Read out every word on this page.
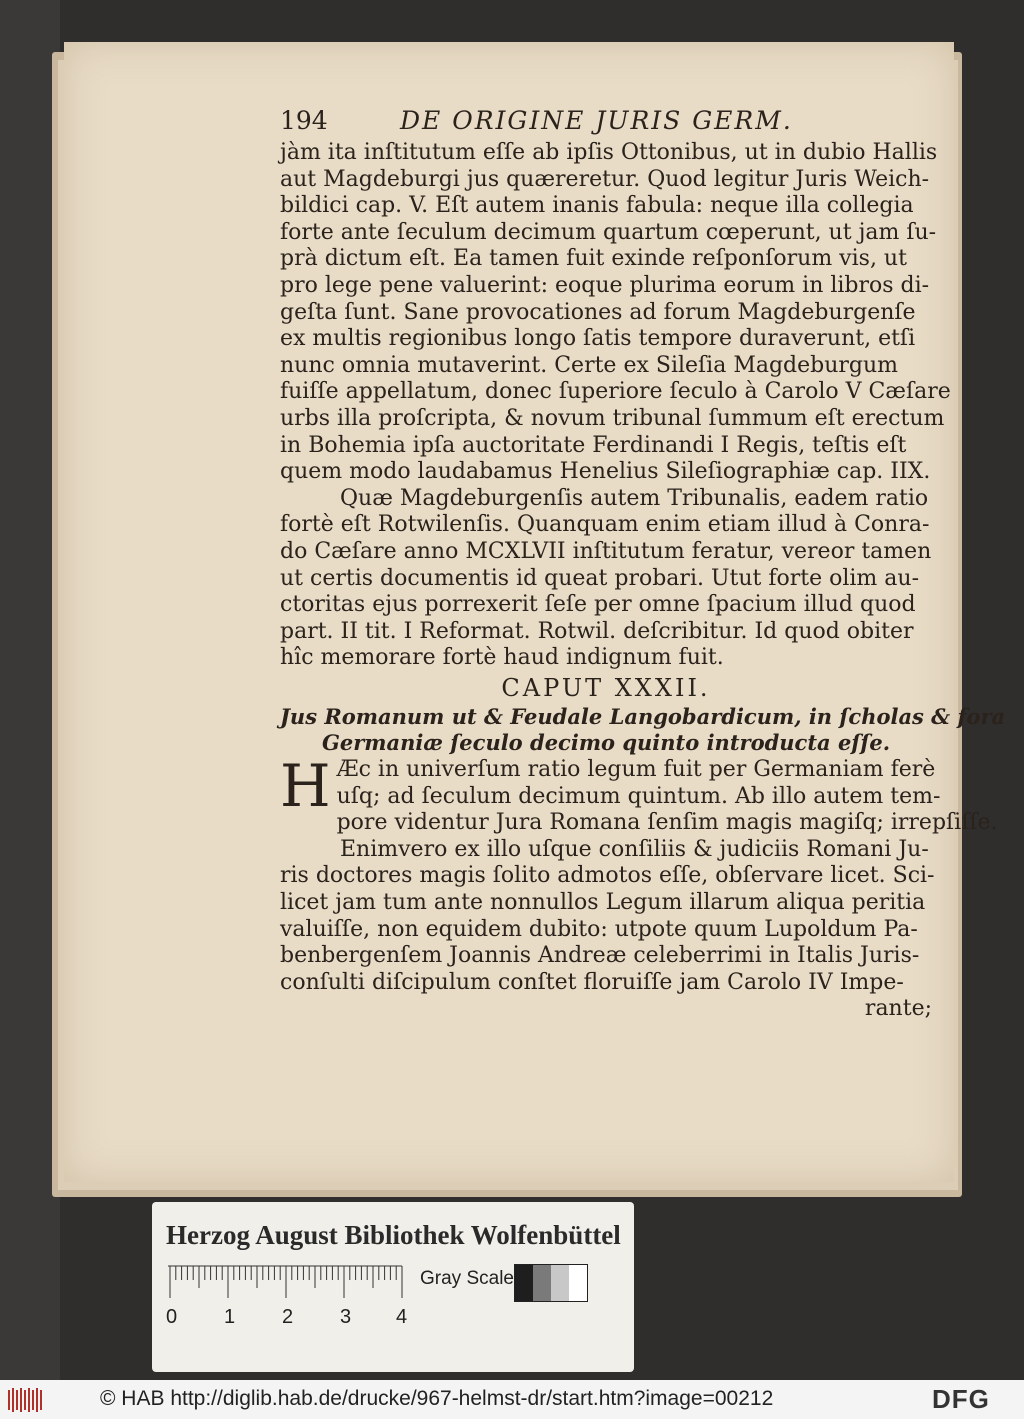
194	DE ORIGINE JURIS GERM.
jàm ita inſtitutum eſſe ab ipſis Ottonibus, ut in dubio Hallis
aut Magdeburgi jus quæreretur. Quod legitur Juris Weich-
bildici cap. V. Eſt autem inanis fabula: neque illa collegia
forte ante ſeculum decimum quartum cœperunt, ut jam ſu-
prà dictum eſt. Ea tamen fuit exinde reſponſorum vis, ut
pro lege pene valuerint: eoque plurima eorum in libros di-
geſta ſunt. Sane provocationes ad forum Magdeburgenſe
ex multis regionibus longo ſatis tempore duraverunt, etſi
nunc omnia mutaverint. Certe ex Sileſia Magdeburgum
fuiſſe appellatum, donec ſuperiore ſeculo à Carolo V Cæſare
urbs illa proſcripta, & novum tribunal ſummum eſt erectum
in Bohemia ipſa auctoritate Ferdinandi I Regis, teſtis eſt
quem modo laudabamus Henelius Sileſiographiæ cap. IIX.
Quæ Magdeburgenſis autem Tribunalis, eadem ratio
fortè eſt Rotwilenſis. Quanquam enim etiam illud à Conra-
do Cæſare anno MCXLVII inſtitutum feratur, vereor tamen
ut certis documentis id queat probari. Utut forte olim au-
ctoritas ejus porrexerit ſeſe per omne ſpacium illud quod
part. II tit. I Reformat. Rotwil. deſcribitur. Id quod obiter
hîc memorare fortè haud indignum fuit.
CAPUT XXXII.
Jus Romanum ut & Feudale Langobardicum, in ſcholas & fora
Germaniæ ſeculo decimo quinto introducta eſſe.
H Æc in univerſum ratio legum fuit per Germaniam ferè
uſq; ad ſeculum decimum quintum. Ab illo autem tem-
pore videntur Jura Romana ſenſim magis magiſq; irrepſiſſe.
Enimvero ex illo uſque conſiliis & judiciis Romani Ju-
ris doctores magis ſolito admotos eſſe, obſervare licet. Sci-
licet jam tum ante nonnullos Legum illarum aliqua peritia
valuiſſe, non equidem dubito: utpote quum Lupoldum Pa-
benbergenſem Joannis Andreæ celeberrimi in Italis Juris-
conſulti diſcipulum conſtet floruiſſe jam Carolo IV Impe-
rante;
Herzog August Bibliothek Wolfenbüttel
0 1 2 3 4
Gray Scale
© HAB http://diglib.hab.de/drucke/967-helmst-dr/start.htm?image=00212	DFG
